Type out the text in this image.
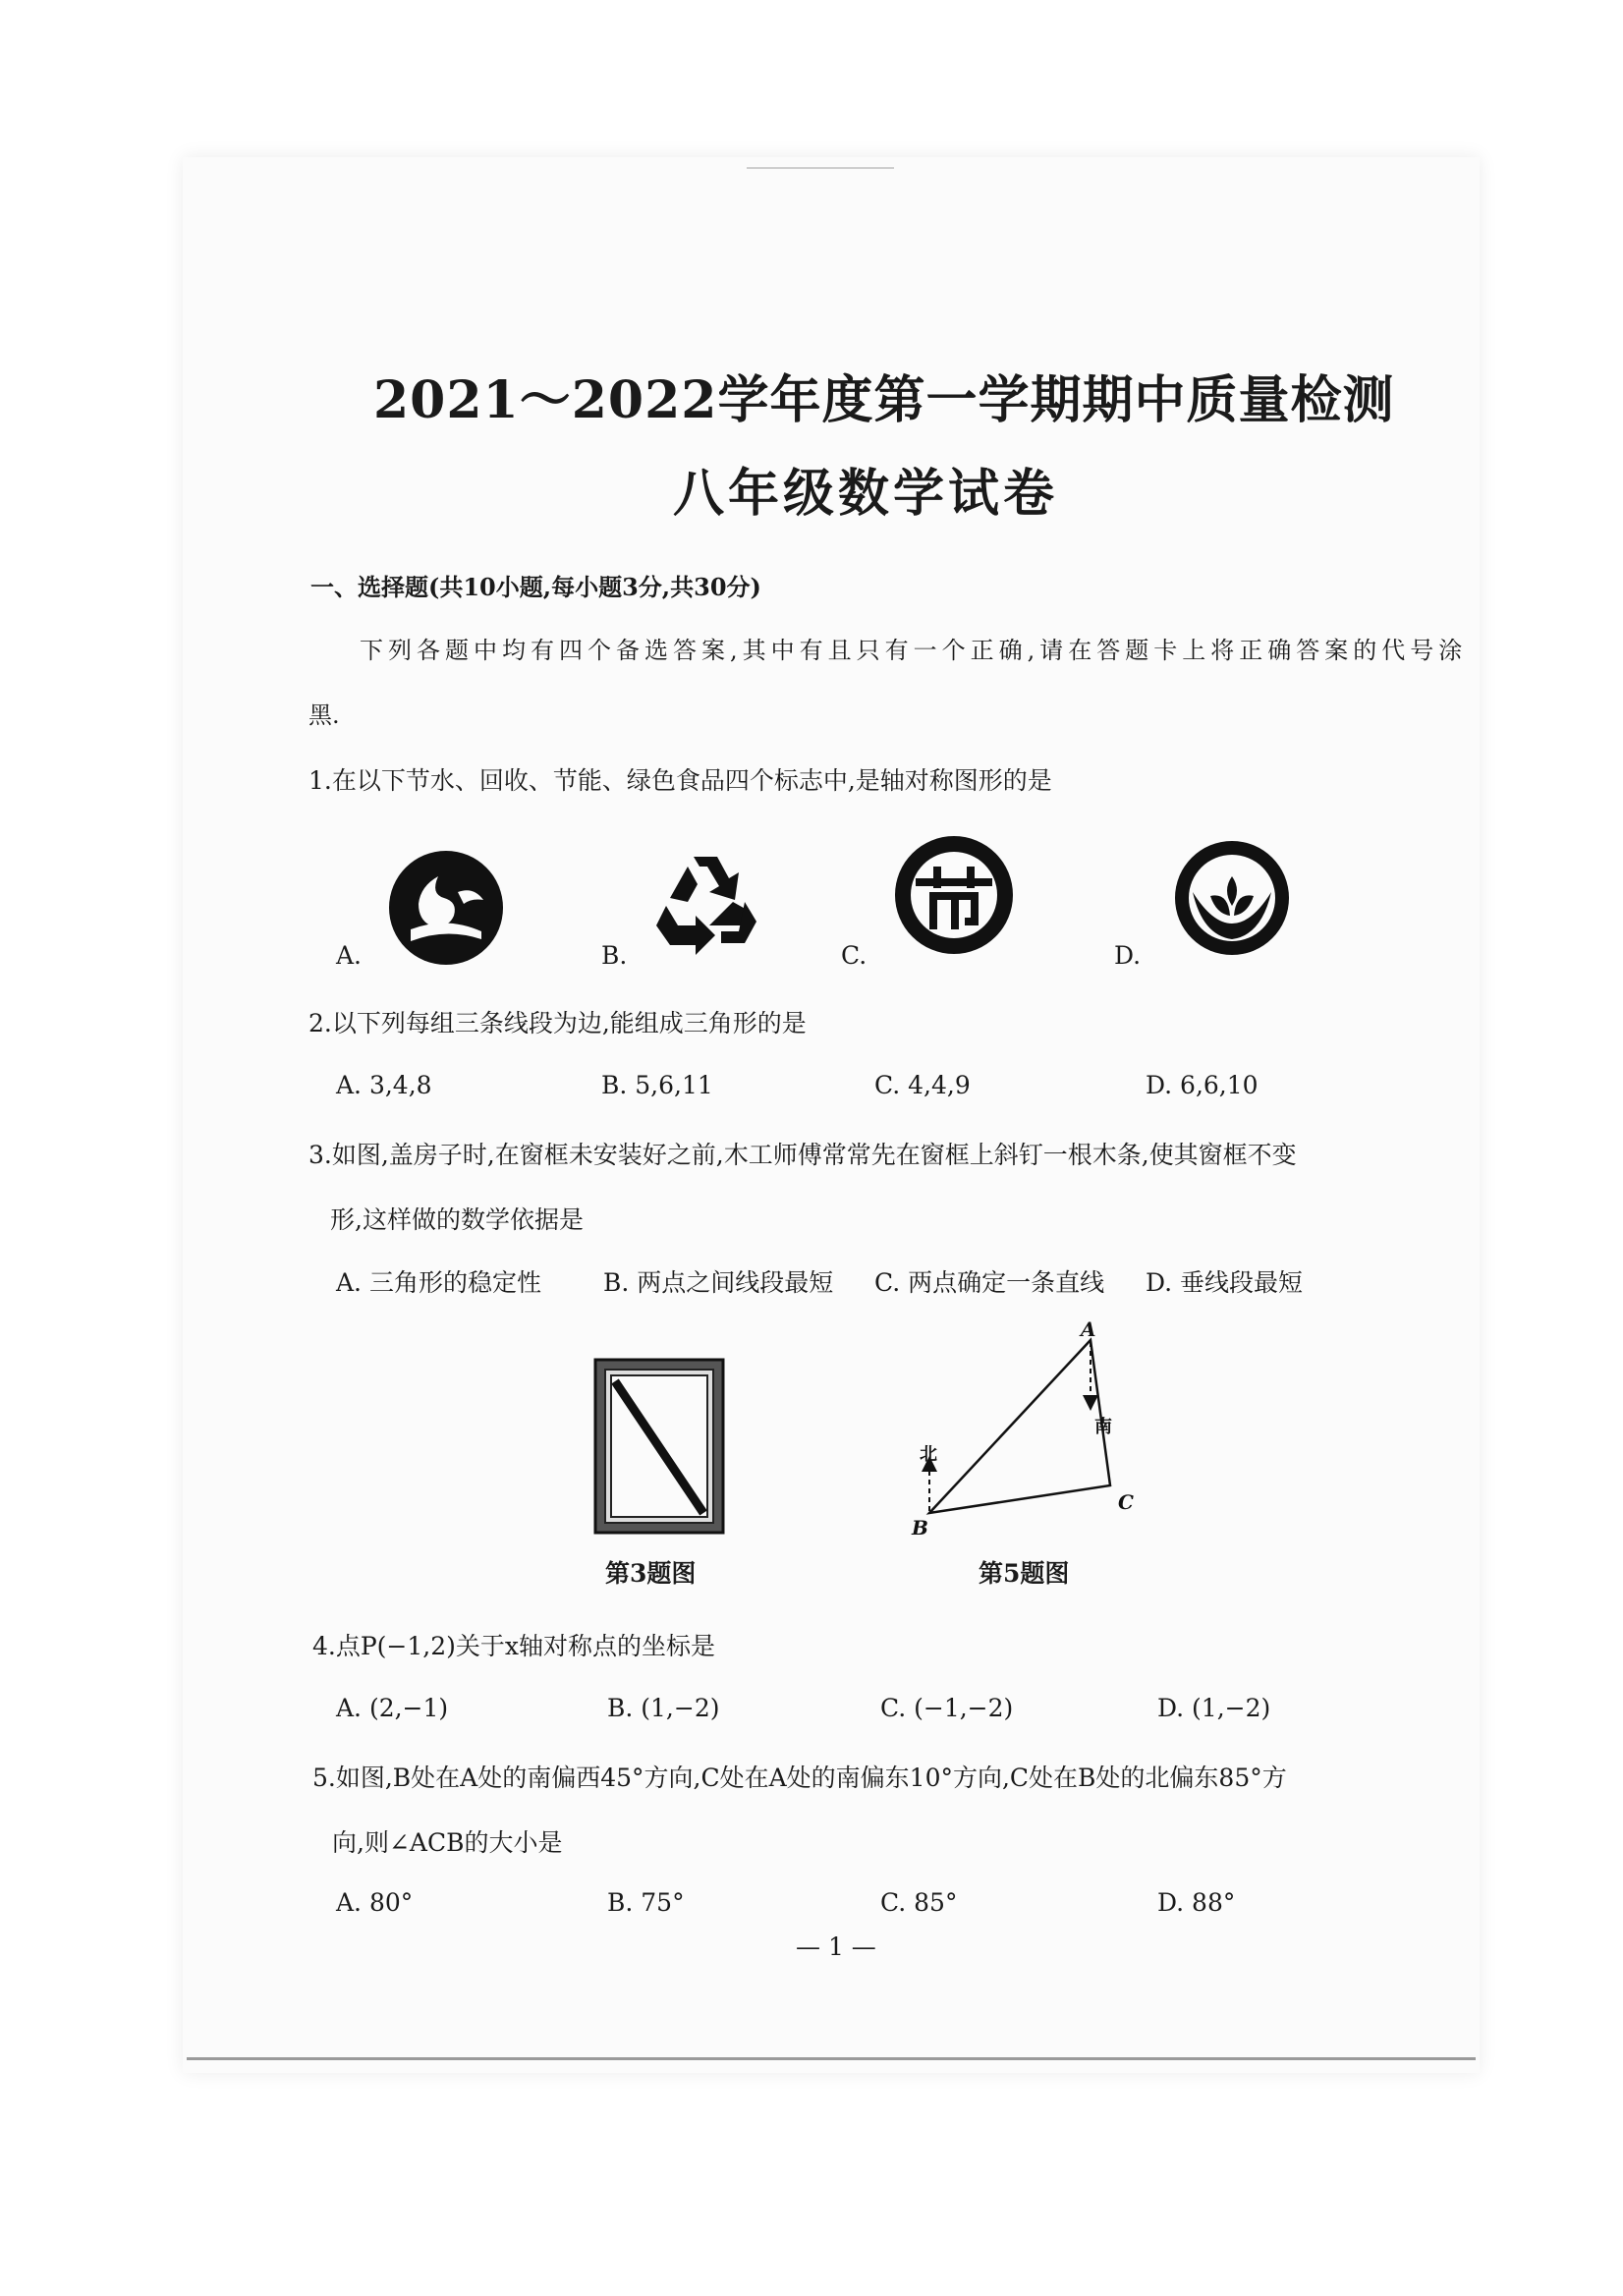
2021～2022学年度第一学期期中质量检测
八年级数学试卷
一、选择题(共10小题,每小题3分,共30分)
下列各题中均有四个备选答案,其中有且只有一个正确,请在答题卡上将正确答案的代号涂
黑.
1.在以下节水、回收、节能、绿色食品四个标志中,是轴对称图形的是
A.	B.	C.	D.
2.以下列每组三条线段为边,能组成三角形的是
A. 3,4,8	B. 5,6,11	C. 4,4,9	D. 6,6,10
3.如图,盖房子时,在窗框未安装好之前,木工师傅常常先在窗框上斜钉一根木条,使其窗框不变
形,这样做的数学依据是
A. 三角形的稳定性	B. 两点之间线段最短 C. 两点确定一条直线 D. 垂线段最短
第3题图
A
B
C
北
南
第5题图
4.点P(−1,2)关于x轴对称点的坐标是
A. (2,−1)	B. (1,−2)	C. (−1,−2)	D. (1,−2)
5.如图,B处在A处的南偏西45°方向,C处在A处的南偏东10°方向,C处在B处的北偏东85°方
向,则∠ACB的大小是
A. 80°	B. 75°	C. 85°	D. 88°
— 1 —
